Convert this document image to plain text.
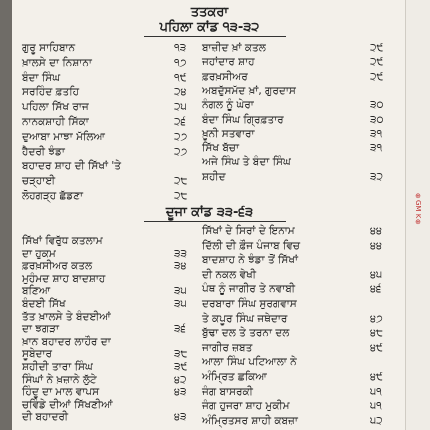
ਤਤਕਰਾ
ਪਹਿਲਾ ਕਾਂਡ ੧੩-੩੨
ਗੁਰੂ ਸਾਹਿਬਾਨ	੧੩
ਖ਼ਾਲਸੇ ਦਾ ਨਿਸ਼ਾਨਾ	੧੭
ਬੰਦਾ ਸਿੰਘ	੧੯
ਸਰਹਿੰਦ ਫ਼ਤਹਿ	੨੪
ਪਹਿਲਾ ਸਿੱਖ ਰਾਜ	੨੫
ਨਾਨਕਸ਼ਾਹੀ ਸਿੱਕਾ	੨੬
ਦੁਆਬਾ ਮਾਝਾ ਮੱਲਿਆ	੨੭
ਹੈਦਰੀ ਝੰਡਾ	੨੭
ਬਹਾਦਰ ਸ਼ਾਹ ਦੀ ਸਿੱਖਾਂ 'ਤੇ
ਚੜ੍ਹਾਈ	੨੮
ਲੋਹਗੜ੍ਹ ਛੱਡਣਾ	੨੮
ਬਾਜ਼ੀਦ ਖ਼ਾਂ ਕਤਲ	੨੯
ਜਹਾਂਦਾਰ ਸ਼ਾਹ	੨੯
ਫ਼ਰਖ਼ਸੀਅਰ	੨੯
ਅਬਦੁੱਸਮੱਦ ਖ਼ਾਂ, ਗੁਰਦਾਸ
ਨੰਗਲ ਨੂੰ ਘੇਰਾ	੩੦
ਬੰਦਾ ਸਿੰਘ ਗ੍ਰਿਫ਼ਤਾਰ	੩੦
ਖ਼ੂਨੀ ਸਤਵਾਰਾ	੩੧
ਸਿੱਖ ਬੱਚਾ	੩੧
ਅਜੇ ਸਿੰਘ ਤੇ ਬੰਦਾ ਸਿੰਘ
ਸ਼ਹੀਦ	੩੨
ਦੂਜਾ ਕਾਂਡ ੩੩-੬੩
ਸਿੱਖਾਂ ਵਿਰੁੱਧ ਕਤਲਾਮ
ਦਾ ਹੁਕਮ	੩੩
ਫ਼ਰਖ਼ਸੀਅਰ ਕਤਲ	੩੪
ਮੁਹੰਮਦ ਸ਼ਾਹ ਬਾਦਸ਼ਾਹ
ਬਣਿਆ	੩੫
ਬੰਦਈ ਸਿੱਖ	੩੫
ਤੱਤ ਖ਼ਾਲਸੇ ਤੇ ਬੰਦਈਆਂ
ਦਾ ਝਗੜਾ	੩੬
ਖ਼ਾਨ ਬਹਾਦਰ ਲਾਹੌਰ ਦਾ
ਸੂਬੇਦਾਰ	੩੮
ਸ਼ਹੀਦੀ ਤਾਰਾ ਸਿੰਘ	੩੯
ਸਿੰਘਾਂ ਨੇ ਖ਼ਜ਼ਾਨੇ ਲੁੱਟੇ	੪੨
ਹਿੰਦੂ ਦਾ ਮਾਲ ਵਾਪਸ	੪੩
ਚਵਿੰਡੇ ਦੀਆਂ ਸਿੱਖਣੀਆਂ
ਦੀ ਬਹਾਦਰੀ	੪੩
ਸਿੱਖਾਂ ਦੇ ਸਿਰਾਂ ਦੇ ਇਨਾਮ	੪੪
ਦਿੱਲੀ ਦੀ ਫ਼ੌਜ ਪੰਜਾਬ ਵਿਚ	੪੪
ਬਾਦਸ਼ਾਹ ਨੇ ਝੰਡਾ ਤੋਂ ਸਿੱਖਾਂ
ਦੀ ਨਕਲ ਵੇਖੀ	੪੫
ਪੰਥ ਨੂੰ ਜਾਗੀਰ ਤੇ ਨਵਾਬੀ	੪੬
ਦਰਬਾਰਾ ਸਿੰਘ ਸੁਰਗਵਾਸ
ਤੇ ਕਪੂਰ ਸਿੰਘ ਜਥੇਦਾਰ	੪੭
ਬੁੱਢਾ ਦਲ ਤੇ ਤਰਨਾ ਦਲ	੪੮
ਜਾਗੀਰ ਜ਼ਬਤ	੪੯
ਆਲਾ ਸਿੰਘ ਪਟਿਆਲਾ ਨੇ
ਅੰਮ੍ਰਿਤ ਛਕਿਆ	੪੯
ਜੰਗ ਬਾਸਰਕੀ	੫੧
ਜੰਗ ਹੁਜਰਾ ਸ਼ਾਹ ਮੁਕੀਮ	੫੧
ਅੰਮ੍ਰਿਤਸਰ ਸ਼ਾਹੀ ਕਬਜ਼ਾ	੫੨
⊕
GM K
⊕
